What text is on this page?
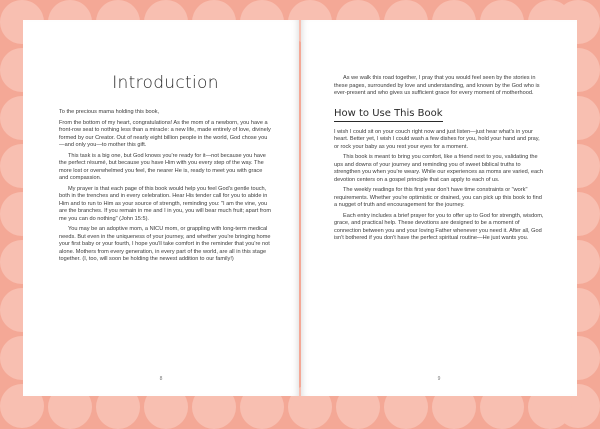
Introduction

To the precious mama holding this book,

From the bottom of my heart, congratulations! As the mom of a newborn, you have a front-row seat to nothing less than a miracle: a new life, made entirely of love, divinely formed by our Creator. Out of nearly eight billion people in the world, God chose you—and only you—to mother this gift.

This task is a big one, but God knows you're ready for it—not because you have the perfect résumé, but because you have Him with you every step of the way. The more lost or overwhelmed you feel, the nearer He is, ready to meet you with grace and compassion.

My prayer is that each page of this book would help you feel God's gentle touch, both in the trenches and in every celebration. Hear His tender call for you to abide in Him and to run to Him as your source of strength, reminding you: "I am the vine, you are the branches. If you remain in me and I in you, you will bear much fruit; apart from me you can do nothing" (John 15:5).

You may be an adoptive mom, a NICU mom, or grappling with long-term medical needs. But even in the uniqueness of your journey, and whether you're bringing home your first baby or your fourth, I hope you'll take comfort in the reminder that you're not alone. Mothers from every generation, in every part of the world, are all in this stage together. (I, too, will soon be holding the newest addition to our family!)

8

As we walk this road together, I pray that you would feel seen by the stories in these pages, surrounded by love and understanding, and known by the God who is ever-present and who gives us sufficient grace for every moment of motherhood.

How to Use This Book

I wish I could sit on your couch right now and just listen—just hear what's in your heart. Better yet, I wish I could wash a few dishes for you, hold your hand and pray, or rock your baby as you rest your eyes for a moment.

This book is meant to bring you comfort, like a friend next to you, validating the ups and downs of your journey and reminding you of sweet biblical truths to strengthen you when you're weary. While our experiences as moms are varied, each devotion centers on a gospel principle that can apply to each of us.

The weekly readings for this first year don't have time constraints or "work" requirements. Whether you're optimistic or drained, you can pick up this book to find a nugget of truth and encouragement for the journey.

Each entry includes a brief prayer for you to offer up to God for strength, wisdom, grace, and practical help. These devotions are designed to be a moment of connection between you and your loving Father whenever you need it. After all, God isn't bothered if you don't have the perfect spiritual routine—He just wants you.

9
